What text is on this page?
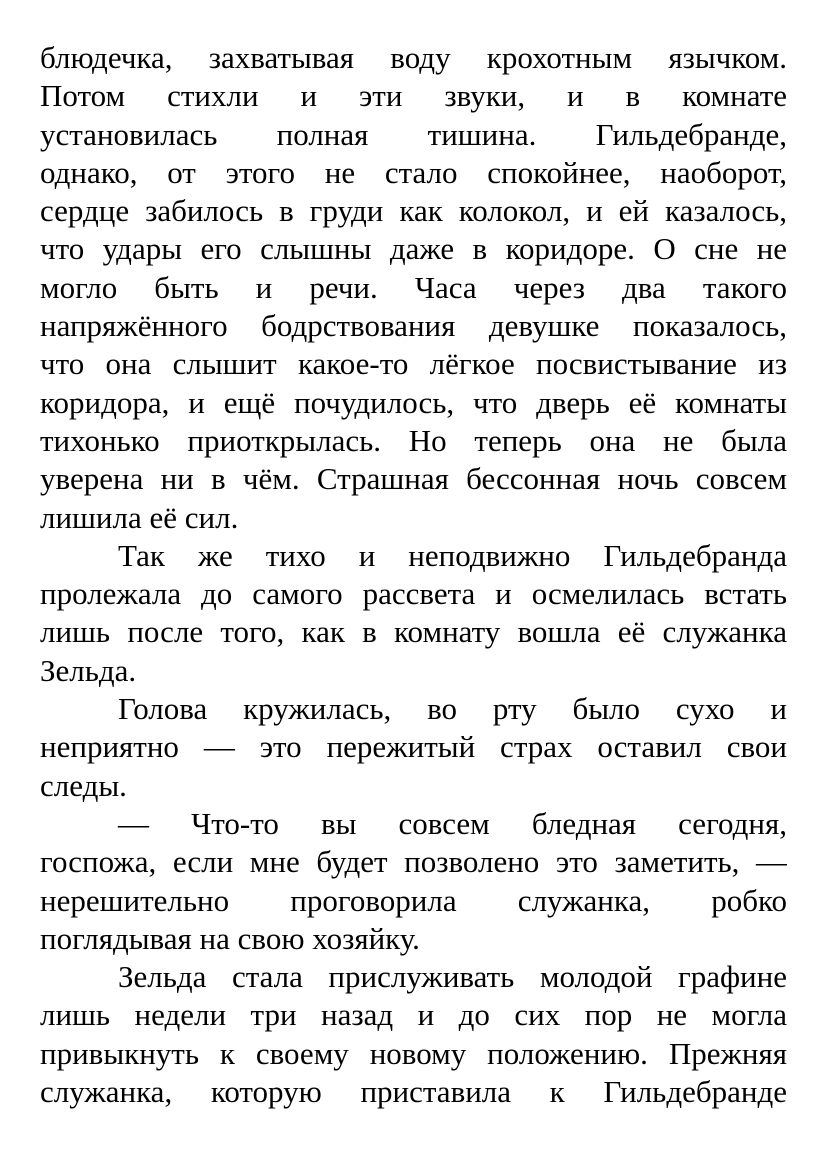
блюдечка, захватывая воду крохотным язычком.
Потом стихли и эти звуки, и в комнате
установилась полная тишина. Гильдебранде,
однако, от этого не стало спокойнее, наоборот,
сердце забилось в груди как колокол, и ей казалось,
что удары его слышны даже в коридоре. О сне не
могло быть и речи. Часа через два такого
напряжённого бодрствования девушке показалось,
что она слышит какое-то лёгкое посвистывание из
коридора, и ещё почудилось, что дверь её комнаты
тихонько приоткрылась. Но теперь она не была
уверена ни в чём. Страшная бессонная ночь совсем
лишила её сил.
Так же тихо и неподвижно Гильдебранда
пролежала до самого рассвета и осмелилась встать
лишь после того, как в комнату вошла её служанка
Зельда.
Голова кружилась, во рту было сухо и
неприятно — это пережитый страх оставил свои
следы.
— Что-то вы совсем бледная сегодня,
госпожа, если мне будет позволено это заметить, —
нерешительно проговорила служанка, робко
поглядывая на свою хозяйку.
Зельда стала прислуживать молодой графине
лишь недели три назад и до сих пор не могла
привыкнуть к своему новому положению. Прежняя
служанка, которую приставила к Гильдебранде
